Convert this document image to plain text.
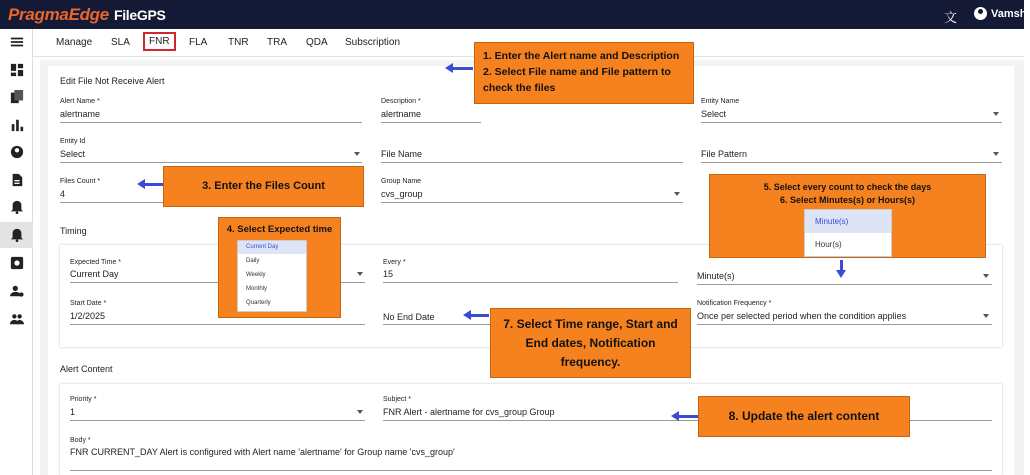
PragmaEdge FileGPS	文	Vamshi
Manage	SLA	FNR	FLA	TNR	TRA	QDA	Subscription
Edit File Not Receive Alert
Alert Name *
alertname
Description *
alertname
Entity Name
Select
Entity Id
Select	File Name	File Pattern
Files Count *
4
Group Name
cvs_group
Timing
Expected Time *
Current Day
Every *
15	Minute(s)
Start Date *
1/2/2025	No End Date
Notification Frequency *
Once per selected period when the condition applies
Alert Content
Priority *
1
Subject *
FNR Alert - alertname for cvs_group Group
Body *
FNR CURRENT_DAY Alert is configured with Alert name 'alertname' for Group name 'cvs_group'
1. Enter the Alert name and Description
2. Select File name and File pattern to
check the files
3. Enter the Files Count
4. Select Expected time
Current Day
Daily
Weekly
Monthly
Quarterly
5. Select every count to check the days
6. Select Minutes(s) or Hours(s)
Minute(s)
Hour(s)
7. Select Time range, Start and
End dates, Notification
frequency.
8. Update the alert content
